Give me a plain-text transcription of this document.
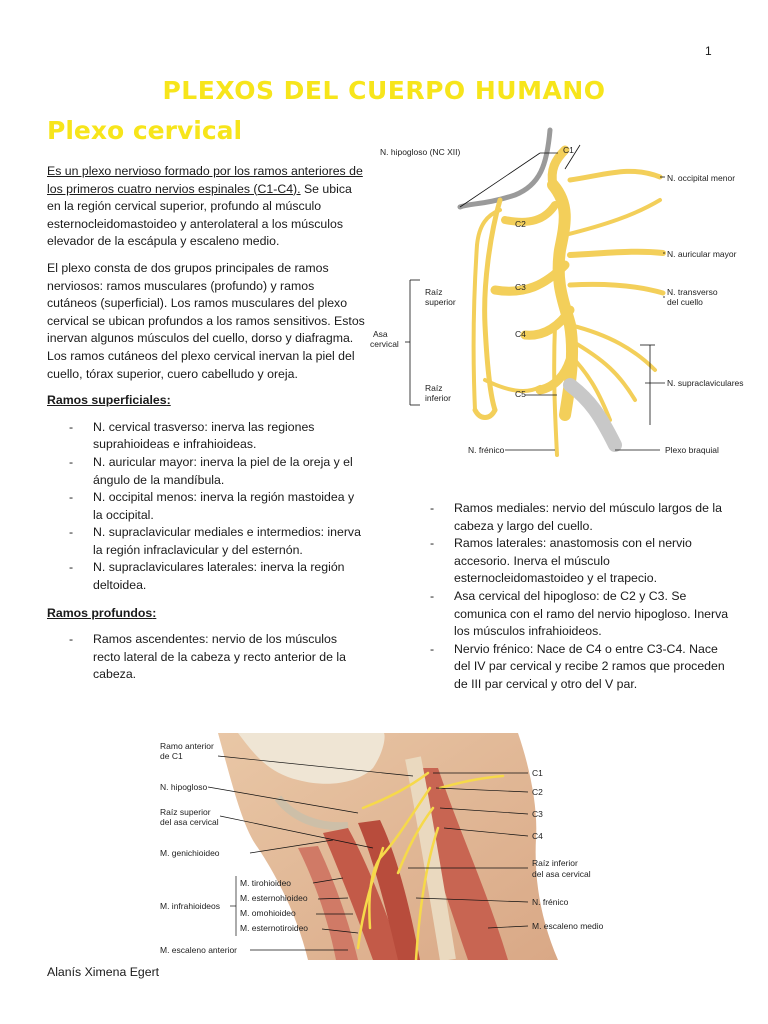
1
PLEXOS DEL CUERPO HUMANO
Plexo cervical

Es un plexo nervioso formado por los ramos anteriores de los primeros cuatro nervios espinales (C1-C4). Se ubica en la región cervical superior, profundo al músculo esternocleidomastoideo y anterolateral a los músculos elevador de la escápula y escaleno medio.

El plexo consta de dos grupos principales de ramos nerviosos: ramos musculares (profundo) y ramos cutáneos (superficial). Los ramos musculares del plexo cervical se ubican profundos a los ramos sensitivos. Estos inervan algunos músculos del cuello, dorso y diafragma. Los ramos cutáneos del plexo cervical inervan la piel del cuello, tórax superior, cuero cabelludo y oreja.

Ramos superficiales:
- N. cervical trasverso: inerva las regiones suprahioideas e infrahioideas.
- N. auricular mayor: inerva la piel de la oreja y el ángulo de la mandíbula.
- N. occipital menos: inerva la región mastoidea y la occipital.
- N. supraclavicular mediales e intermedios: inerva la región infraclavicular y del esternón.
- N. supraclaviculares laterales: inerva la región deltoidea.
Ramos profundos:
- Ramos ascendentes: nervio de los músculos recto lateral de la cabeza y recto anterior de la cabeza.
N. hipogloso (NC XII)	C1
C2
C3
C4
C5
N. occipital menor
N. auricular mayor
N. transverso
del cuello
N. supraclaviculares
Raíz
superior
Raíz
inferior
Asa
cervical
N. frénico	Plexo braquial
- Ramos mediales: nervio del músculo largos de la cabeza y largo del cuello.
- Ramos laterales: anastomosis con el nervio accesorio. Inerva el músculo esternocleidomastoideo y el trapecio.
- Asa cervical del hipogloso: de C2 y C3. Se comunica con el ramo del nervio hipogloso. Inerva los músculos infrahioideos.
- Nervio frénico: Nace de C4 o entre C3-C4. Nace del IV par cervical y recibe 2 ramos que proceden de III par cervical y otro del V par.
Ramo anterior
de C1
N. hipogloso
Raíz superior
del asa cervical
M. genichioideo
M. infrahioideos
M. tirohioideo
M. esternohioideo
M. omohioideo
M. esternotiroideo
M. escaleno anterior
C1
C2
C3
C4
Raíz inferior
del asa cervical
N. frénico
M. escaleno medio
Alanís Ximena Egert
